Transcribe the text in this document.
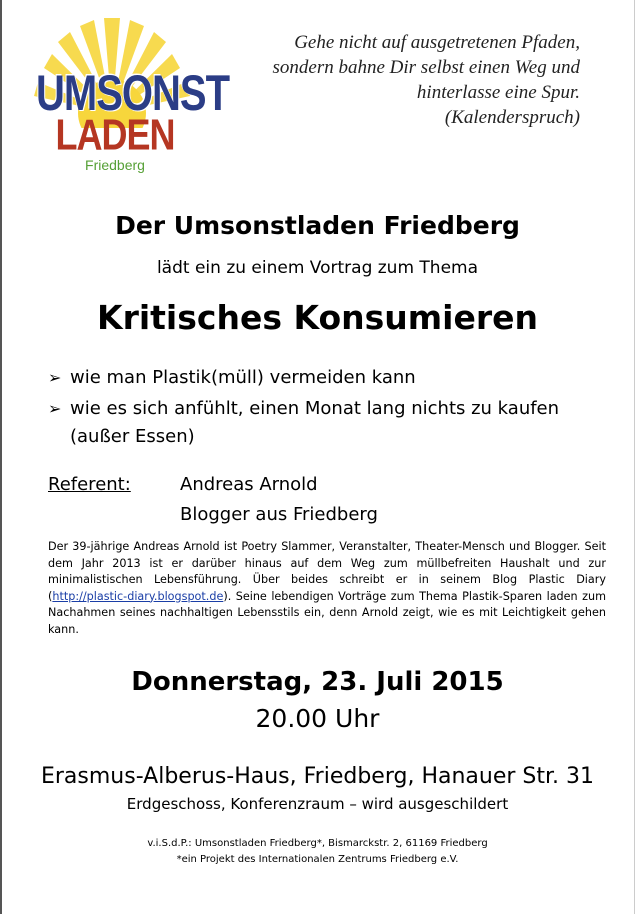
UMSONST
LADEN
Friedberg
Gehe nicht auf ausgetretenen Pfaden,
sondern bahne Dir selbst einen Weg und
hinterlasse eine Spur.
(Kalenderspruch)
Der Umsonstladen Friedberg
lädt ein zu einem Vortrag zum Thema
Kritisches Konsumieren
➢ wie man Plastik(müll) vermeiden kann
➢ wie es sich anfühlt, einen Monat lang nichts zu kaufen (außer Essen)
Referent:	Andreas Arnold
Blogger aus Friedberg
Der 39-jährige Andreas Arnold ist Poetry Slammer, Veranstalter, Theater-Mensch und Blogger. Seit dem Jahr 2013 ist er darüber hinaus auf dem Weg zum müllbefreiten Haushalt und zur minimalistischen Lebensführung. Über beides schreibt er in seinem Blog Plastic Diary (http://plastic-diary.blogspot.de). Seine lebendigen Vorträge zum Thema Plastik-Sparen laden zum Nachahmen seines nachhaltigen Lebensstils ein, denn Arnold zeigt, wie es mit Leichtigkeit gehen kann.
Donnerstag, 23. Juli 2015
20.00 Uhr
Erasmus-Alberus-Haus, Friedberg, Hanauer Str. 31
Erdgeschoss, Konferenzraum – wird ausgeschildert
v.i.S.d.P.: Umsonstladen Friedberg*, Bismarckstr. 2, 61169 Friedberg
*ein Projekt des Internationalen Zentrums Friedberg e.V.
